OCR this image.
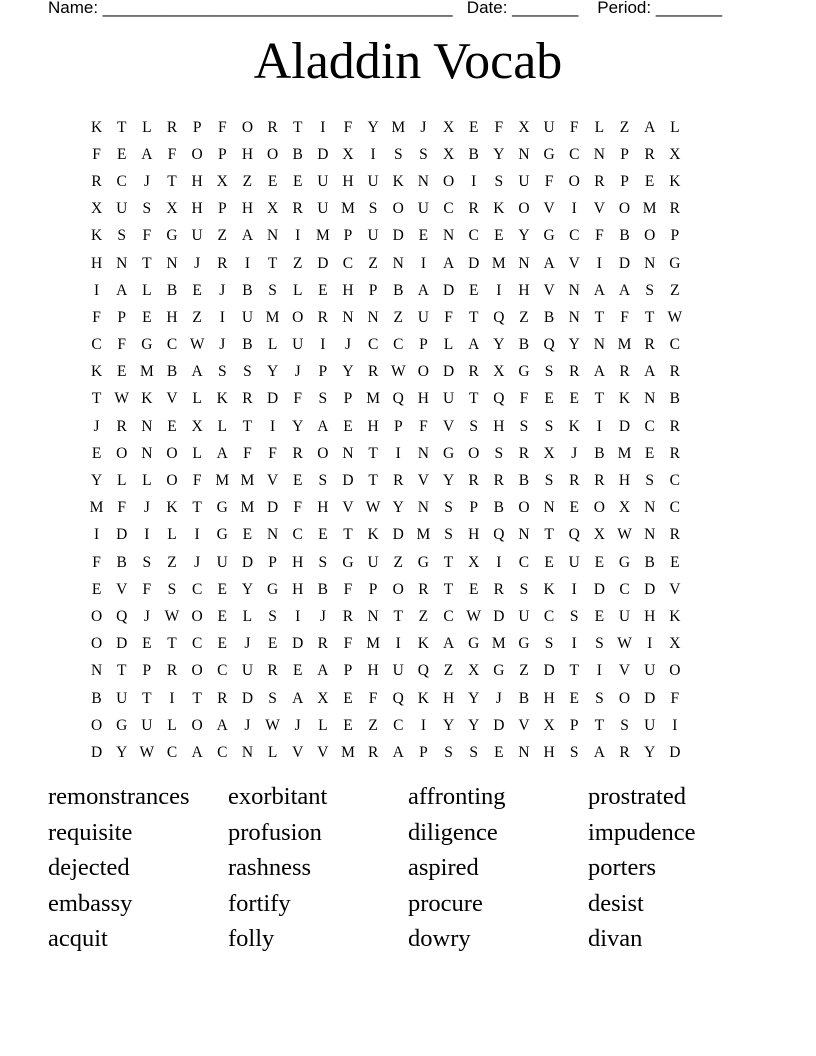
Name: _____________________________________ Date: _______ Period: _______
Aladdin Vocab
K T	L R	P	F O R T	I	F Y M J	X E	F X U F	L	Z A L
F	E A F O P H O B D X	I	S	S X B Y N G C N P	R X
R C	J	T H X Z	E	E U H U K N O	I	S U F O R	P	E K
X U S X H P H X R U M S O U C R K O V	I	V O M R
K S	F G U Z A N	I	M P U D E N C E Y G C	F	B O P
H N T N	J	R	I	T	Z D C Z N	I	A D M N A V	I	D N G
I	A L B E	J	B	S	L	E H P	B A D E	I	H V N A A S	Z
F	P	E H Z	I	U M O R N N Z U F	T Q Z B N T	F	T W
C	F G C W J	B L U	I	J	C C	P	L A Y B Q Y N M R C
K E M B A S	S Y	J	P Y R W O D R X G S	R A R A R
T W K V L K R D F	S	P M Q H U T Q F	E	E	T K N B
J	R N E X L	T	I	Y A E H P	F V S H S	S K	I	D C R
E O N O L A F	F	R O N T	I	N G O S	R X	J	B M E R
Y L	L O F M M V E	S D T R V Y R R B	S	R R H S	C
M F	J	K T G M D F H V W Y N S	P	B O N E O X N C
I	D	I	L	I	G E N C E	T K D M S H Q N T Q X W N R
F	B	S	Z	J	U D P H S G U Z G T X	I	C E U E G B E
E V F	S	C E Y G H B	F	P O R T	E R	S K	I	D C D V
O Q	J W O E	L	S	I	J	R N T	Z C W D U C	S	E U H K
O D E	T C E	J	E D R	F M	I	K A G M G S	I	S W I	X
N T	P	R O C U R E A P H U Q Z X G Z D T	I	V U O
B U T	I	T R D S A X E	F Q K H Y	J	B H E	S O D F
O G U L O A	J W J	L	E	Z C	I	Y Y D V X P	T	S U	I
D Y W C A C N L V V M R A P	S	S	E N H S A R Y D
remonstrances	exorbitant	affronting	prostrated
requisite	profusion	diligence	impudence
dejected	rashness	aspired	porters
embassy	fortify	procure	desist
acquit	folly	dowry	divan
